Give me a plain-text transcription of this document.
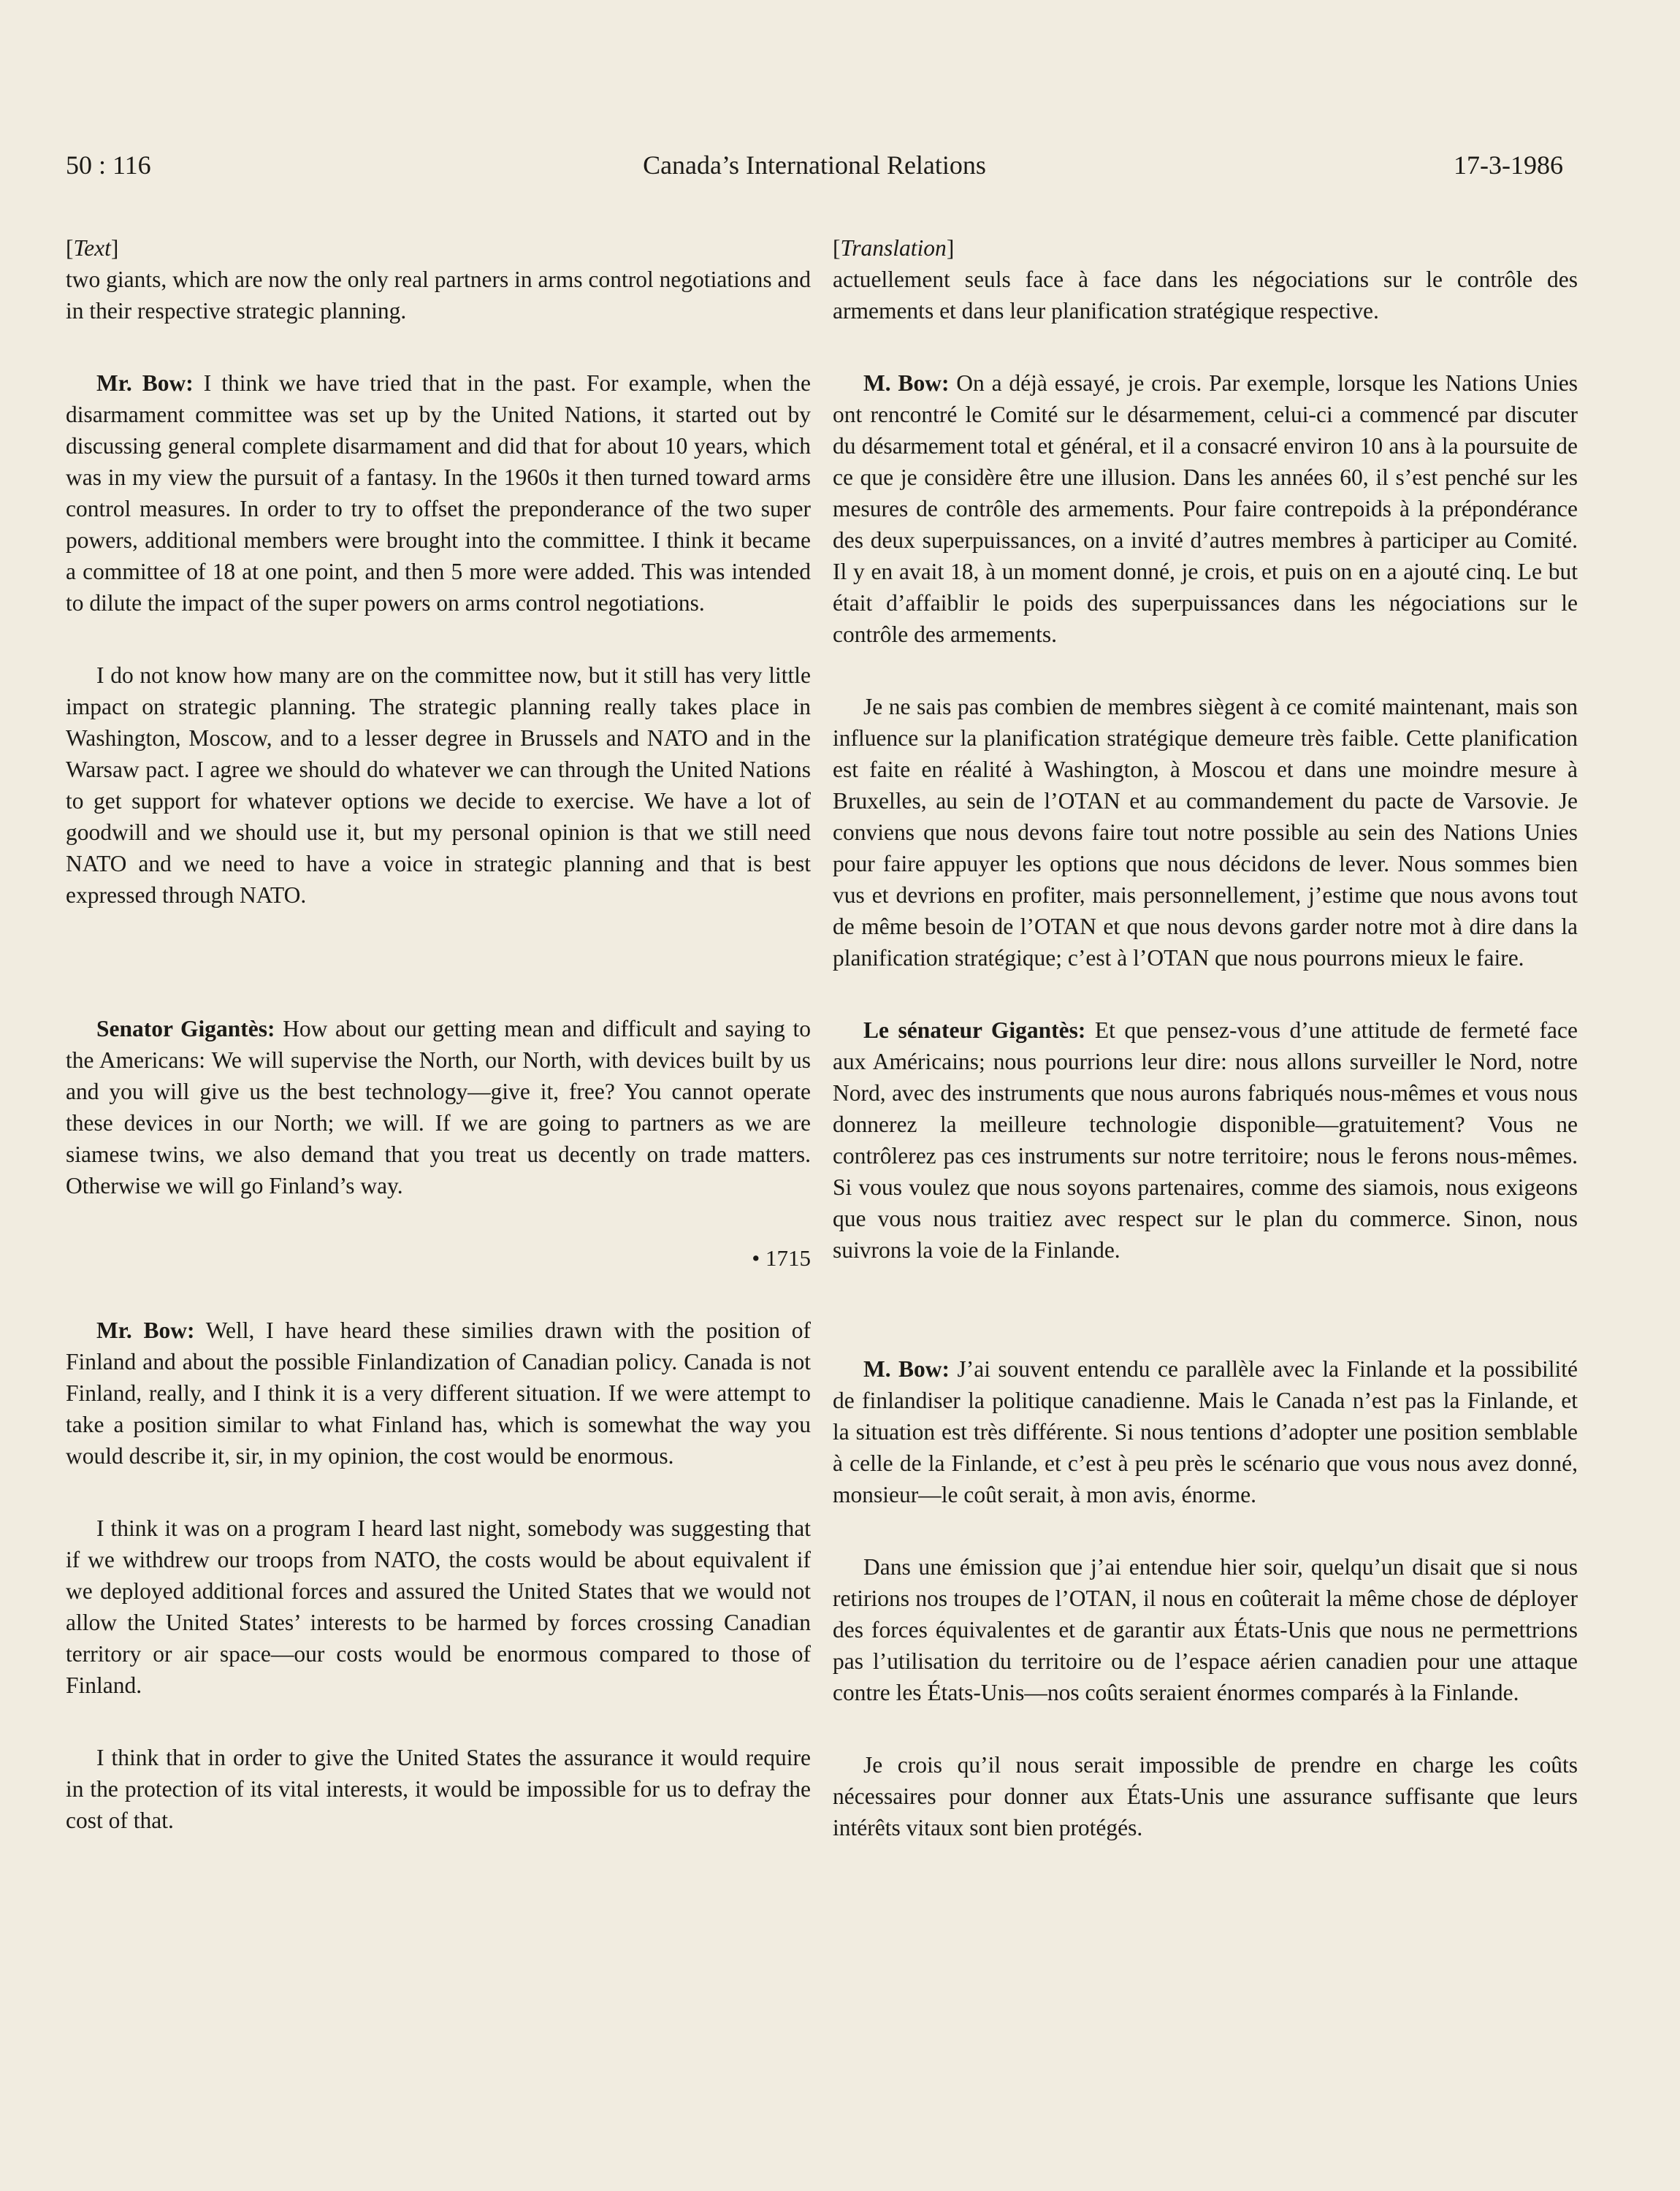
50 : 116	Canada’s International Relations	17-3-1986

[Text]

two giants, which are now the only real partners in arms control negotiations and in their respective strategic planning.

Mr. Bow: I think we have tried that in the past. For example, when the disarmament committee was set up by the United Nations, it started out by discussing general complete disarmament and did that for about 10 years, which was in my view the pursuit of a fantasy. In the 1960s it then turned toward arms control measures. In order to try to offset the preponderance of the two super powers, additional members were brought into the committee. I think it became a committee of 18 at one point, and then 5 more were added. This was intended to dilute the impact of the super powers on arms control negotiations.

I do not know how many are on the committee now, but it still has very little impact on strategic planning. The strategic planning really takes place in Washington, Moscow, and to a lesser degree in Brussels and NATO and in the Warsaw pact. I agree we should do whatever we can through the United Nations to get support for whatever options we decide to exercise. We have a lot of goodwill and we should use it, but my personal opinion is that we still need NATO and we need to have a voice in strategic planning and that is best expressed through NATO.

Senator Gigantès: How about our getting mean and difficult and saying to the Americans: We will supervise the North, our North, with devices built by us and you will give us the best technology—give it, free? You cannot operate these devices in our North; we will. If we are going to partners as we are siamese twins, we also demand that you treat us decently on trade matters. Otherwise we will go Finland’s way.

• 1715

Mr. Bow: Well, I have heard these similies drawn with the position of Finland and about the possible Finlandization of Canadian policy. Canada is not Finland, really, and I think it is a very different situation. If we were attempt to take a position similar to what Finland has, which is somewhat the way you would describe it, sir, in my opinion, the cost would be enormous.

I think it was on a program I heard last night, somebody was suggesting that if we withdrew our troops from NATO, the costs would be about equivalent if we deployed additional forces and assured the United States that we would not allow the United States’ interests to be harmed by forces crossing Canadian territory or air space—our costs would be enormous compared to those of Finland.

I think that in order to give the United States the assurance it would require in the protection of its vital interests, it would be impossible for us to defray the cost of that.

[Translation]

actuellement seuls face à face dans les négociations sur le contrôle des armements et dans leur planification stratégique respective.

M. Bow: On a déjà essayé, je crois. Par exemple, lorsque les Nations Unies ont rencontré le Comité sur le désarmement, celui-ci a commencé par discuter du désarmement total et général, et il a consacré environ 10 ans à la poursuite de ce que je considère être une illusion. Dans les années 60, il s’est penché sur les mesures de contrôle des armements. Pour faire contrepoids à la prépondérance des deux superpuissances, on a invité d’autres membres à participer au Comité. Il y en avait 18, à un moment donné, je crois, et puis on en a ajouté cinq. Le but était d’affaiblir le poids des superpuissances dans les négociations sur le contrôle des armements.

Je ne sais pas combien de membres siègent à ce comité maintenant, mais son influence sur la planification stratégique demeure très faible. Cette planification est faite en réalité à Washington, à Moscou et dans une moindre mesure à Bruxelles, au sein de l’OTAN et au commandement du pacte de Varsovie. Je conviens que nous devons faire tout notre possible au sein des Nations Unies pour faire appuyer les options que nous décidons de lever. Nous sommes bien vus et devrions en profiter, mais personnellement, j’estime que nous avons tout de même besoin de l’OTAN et que nous devons garder notre mot à dire dans la planification stratégique; c’est à l’OTAN que nous pourrons mieux le faire.

Le sénateur Gigantès: Et que pensez-vous d’une attitude de fermeté face aux Américains; nous pourrions leur dire: nous allons surveiller le Nord, notre Nord, avec des instruments que nous aurons fabriqués nous-mêmes et vous nous donnerez la meilleure technologie disponible—gratuitement? Vous ne contrôlerez pas ces instruments sur notre territoire; nous le ferons nous-mêmes. Si vous voulez que nous soyons partenaires, comme des siamois, nous exigeons que vous nous traitiez avec respect sur le plan du commerce. Sinon, nous suivrons la voie de la Finlande.

M. Bow: J’ai souvent entendu ce parallèle avec la Finlande et la possibilité de finlandiser la politique canadienne. Mais le Canada n’est pas la Finlande, et la situation est très différente. Si nous tentions d’adopter une position semblable à celle de la Finlande, et c’est à peu près le scénario que vous nous avez donné, monsieur—le coût serait, à mon avis, énorme.

Dans une émission que j’ai entendue hier soir, quelqu’un disait que si nous retirions nos troupes de l’OTAN, il nous en coûterait la même chose de déployer des forces équivalentes et de garantir aux États-Unis que nous ne permettrions pas l’utilisation du territoire ou de l’espace aérien canadien pour une attaque contre les États-Unis—nos coûts seraient énormes comparés à la Finlande.

Je crois qu’il nous serait impossible de prendre en charge les coûts nécessaires pour donner aux États-Unis une assurance suffisante que leurs intérêts vitaux sont bien protégés.
